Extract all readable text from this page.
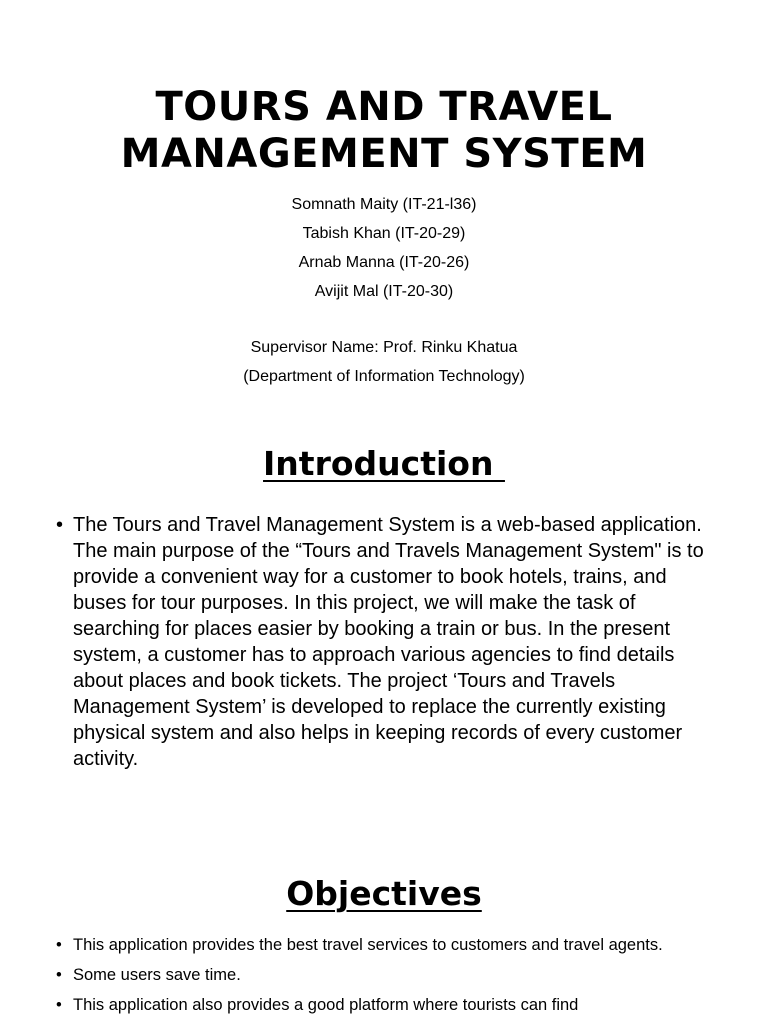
TOURS AND TRAVEL
MANAGEMENT SYSTEM
Somnath Maity (IT-21-l36)
Tabish Khan (IT-20-29)
Arnab Manna (IT-20-26)
Avijit Mal (IT-20-30)
Supervisor Name: Prof. Rinku Khatua
(Department of Information Technology)
Introduction
• The Tours and Travel Management System is a web-based application. The main purpose of the “Tours and Travels Management System" is to provide a convenient way for a customer to book hotels, trains, and buses for tour purposes. In this project, we will make the task of searching for places easier by booking a train or bus. In the present system, a customer has to approach various agencies to find details about places and book tickets. The project ‘Tours and Travels Management System’ is developed to replace the currently existing physical system and also helps in keeping records of every customer activity.
Objectives
• This application provides the best travel services to customers and travel agents.
• Some users save time.
• This application also provides a good platform where tourists can find
